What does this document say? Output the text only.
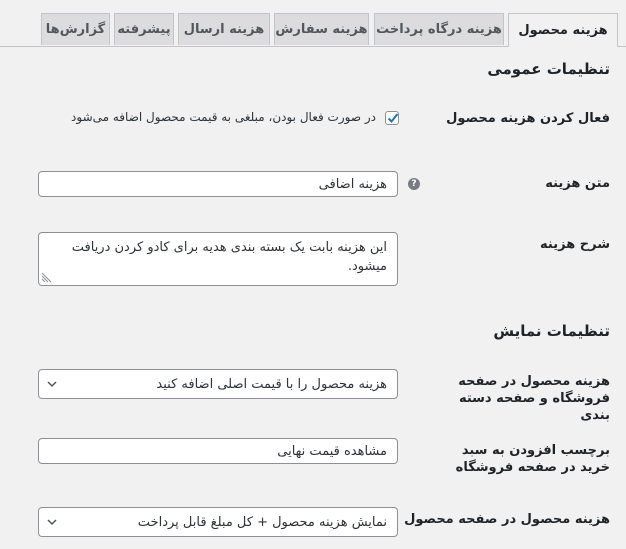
هزینه محصول
هزینه درگاه پرداخت
هزینه سفارش
هزینه ارسال
پیشرفته
گزارش‌ها
تنظیمات عمومی
فعال کردن هزینه محصول
در صورت فعال بودن، مبلغی به قیمت محصول اضافه می‌شود
متن هزینه
?
هزینه اضافی
شرح هزینه
این هزینه بابت یک بسته بندی هدیه برای کادو کردن دریافت میشود.
تنظیمات نمایش
هزینه محصول در صفحه فروشگاه و صفحه دسته بندی
هزینه محصول را با قیمت اصلی اضافه کنید
برچسب افزودن به سبد خرید در صفحه فروشگاه
مشاهده قیمت نهایی
هزینه محصول در صفحه محصول
نمایش هزینه محصول + کل مبلغ قابل پرداخت
